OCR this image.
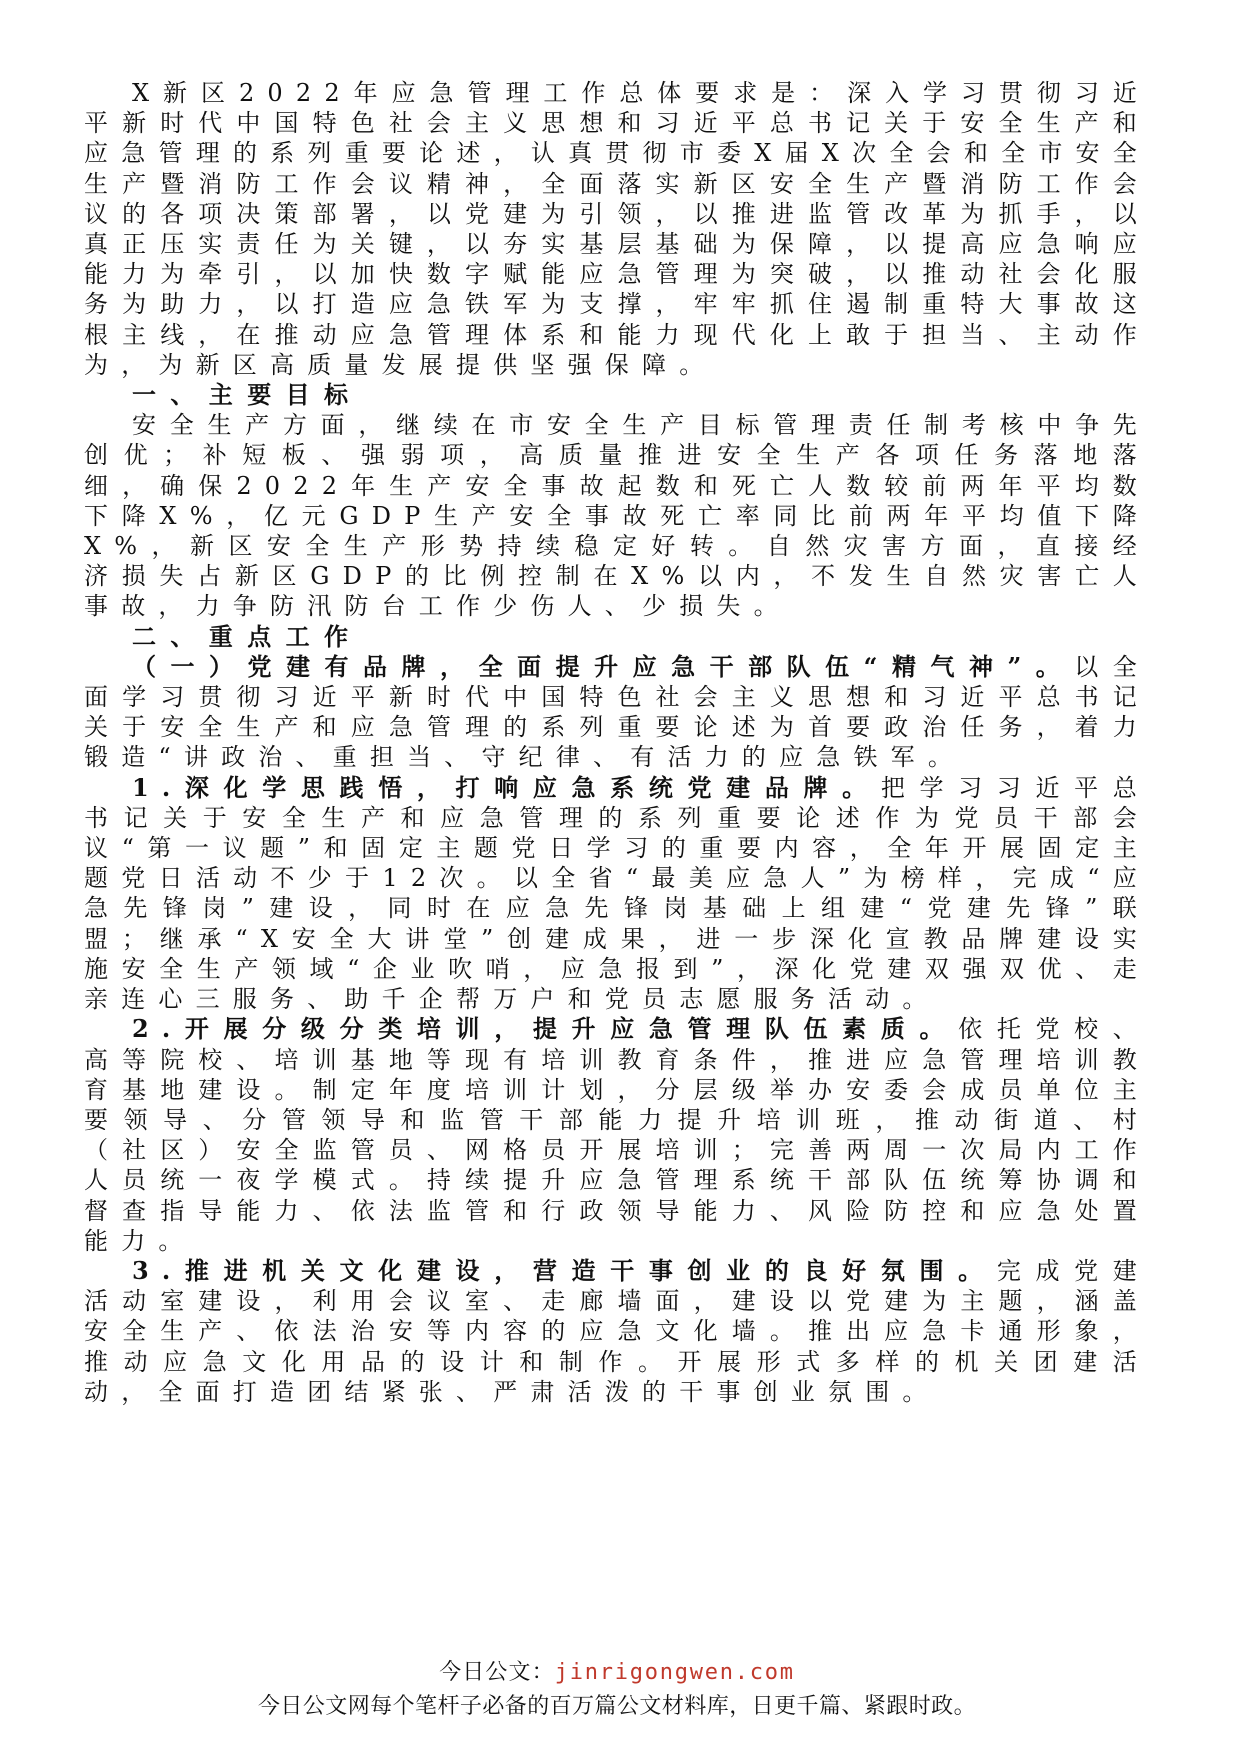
X新区2022年应急管理工作总体要求是：深入学习贯彻习近平新时代中国特色社会主义思想和习近平总书记关于安全生产和应急管理的系列重要论述，认真贯彻市委X届X次全会和全市安全生产暨消防工作会议精神，全面落实新区安全生产暨消防工作会议的各项决策部署，以党建为引领，以推进监管改革为抓手，以真正压实责任为关键，以夯实基层基础为保障，以提高应急响应能力为牵引，以加快数字赋能应急管理为突破，以推动社会化服务为助力，以打造应急铁军为支撑，牢牢抓住遏制重特大事故这根主线，在推动应急管理体系和能力现代化上敢于担当、主动作为，为新区高质量发展提供坚强保障。

一、主要目标

安全生产方面，继续在市安全生产目标管理责任制考核中争先创优；补短板、强弱项，高质量推进安全生产各项任务落地落细，确保2022年生产安全事故起数和死亡人数较前两年平均数下降X%，亿元GDP生产安全事故死亡率同比前两年平均值下降X%，新区安全生产形势持续稳定好转。自然灾害方面，直接经济损失占新区GDP的比例控制在X%以内，不发生自然灾害亡人事故，力争防汛防台工作少伤人、少损失。

二、重点工作

（一）党建有品牌，全面提升应急干部队伍“精气神”。以全面学习贯彻习近平新时代中国特色社会主义思想和习近平总书记关于安全生产和应急管理的系列重要论述为首要政治任务，着力锻造“讲政治、重担当、守纪律、有活力的应急铁军。

1.深化学思践悟，打响应急系统党建品牌。把学习习近平总书记关于安全生产和应急管理的系列重要论述作为党员干部会议“第一议题”和固定主题党日学习的重要内容，全年开展固定主题党日活动不少于12次。以全省“最美应急人”为榜样，完成“应急先锋岗”建设，同时在应急先锋岗基础上组建“党建先锋”联盟；继承“X安全大讲堂”创建成果，进一步深化宣教品牌建设实施安全生产领域“企业吹哨，应急报到”，深化党建双强双优、走亲连心三服务、助千企帮万户和党员志愿服务活动。

2.开展分级分类培训，提升应急管理队伍素质。依托党校、高等院校、培训基地等现有培训教育条件，推进应急管理培训教育基地建设。制定年度培训计划，分层级举办安委会成员单位主要领导、分管领导和监管干部能力提升培训班，推动街道、村（社区）安全监管员、网格员开展培训；完善两周一次局内工作人员统一夜学模式。持续提升应急管理系统干部队伍统筹协调和督查指导能力、依法监管和行政领导能力、风险防控和应急处置能力。

3.推进机关文化建设，营造干事创业的良好氛围。完成党建活动室建设，利用会议室、走廊墙面，建设以党建为主题，涵盖安全生产、依法治安等内容的应急文化墙。推出应急卡通形象，推动应急文化用品的设计和制作。开展形式多样的机关团建活动，全面打造团结紧张、严肃活泼的干事创业氛围。

今日公文：jinrigongwen.com
今日公文网每个笔杆子必备的百万篇公文材料库，日更千篇、紧跟时政。
